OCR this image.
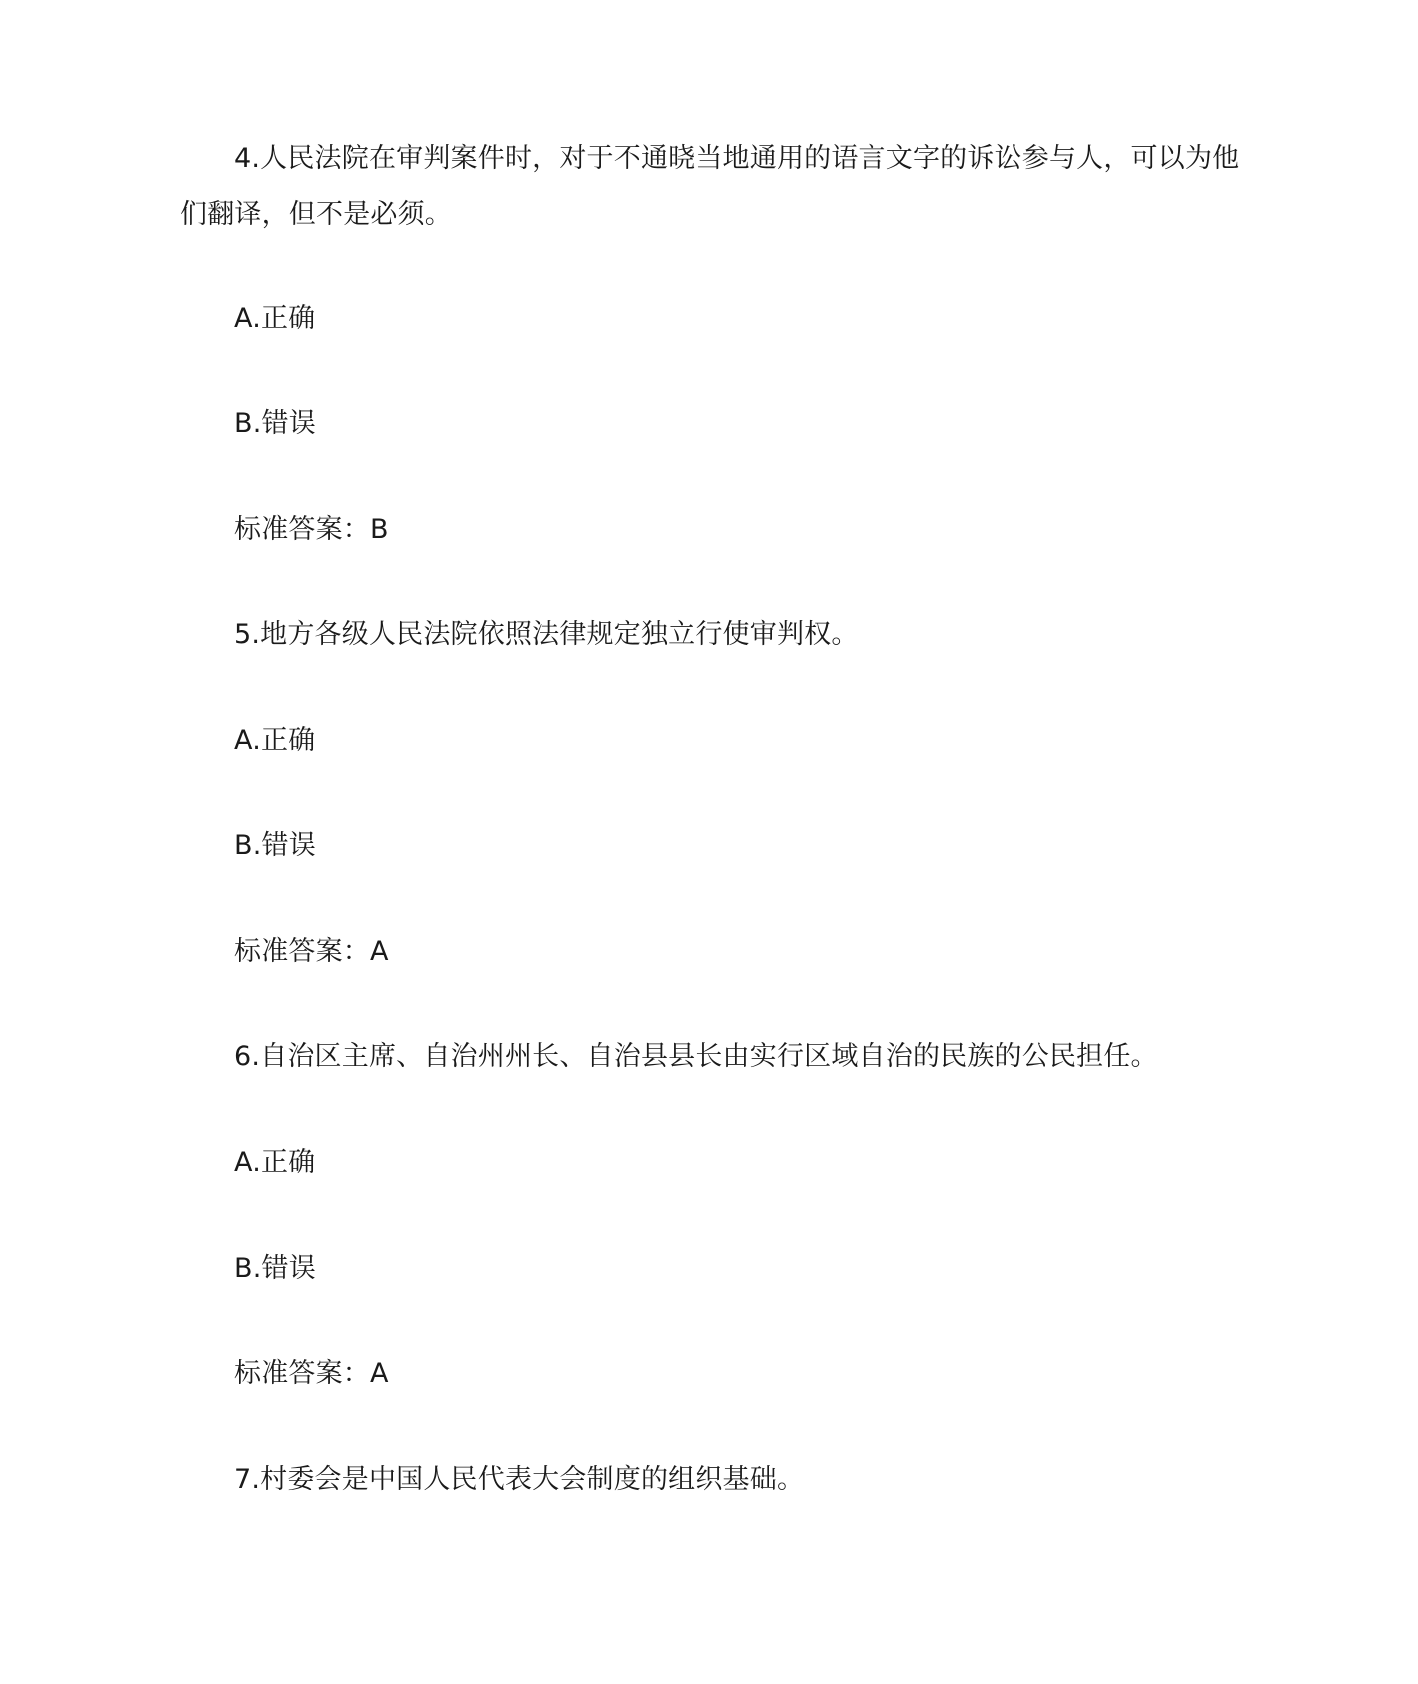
4.人民法院在审判案件时，对于不通晓当地通用的语言文字的诉讼参与人，可以为他
们翻译，但不是必须。
A.正确
B.错误
标准答案：B
5.地方各级人民法院依照法律规定独立行使审判权。
A.正确
B.错误
标准答案：A
6.自治区主席、自治州州长、自治县县长由实行区域自治的民族的公民担任。
A.正确
B.错误
标准答案：A
7.村委会是中国人民代表大会制度的组织基础。
